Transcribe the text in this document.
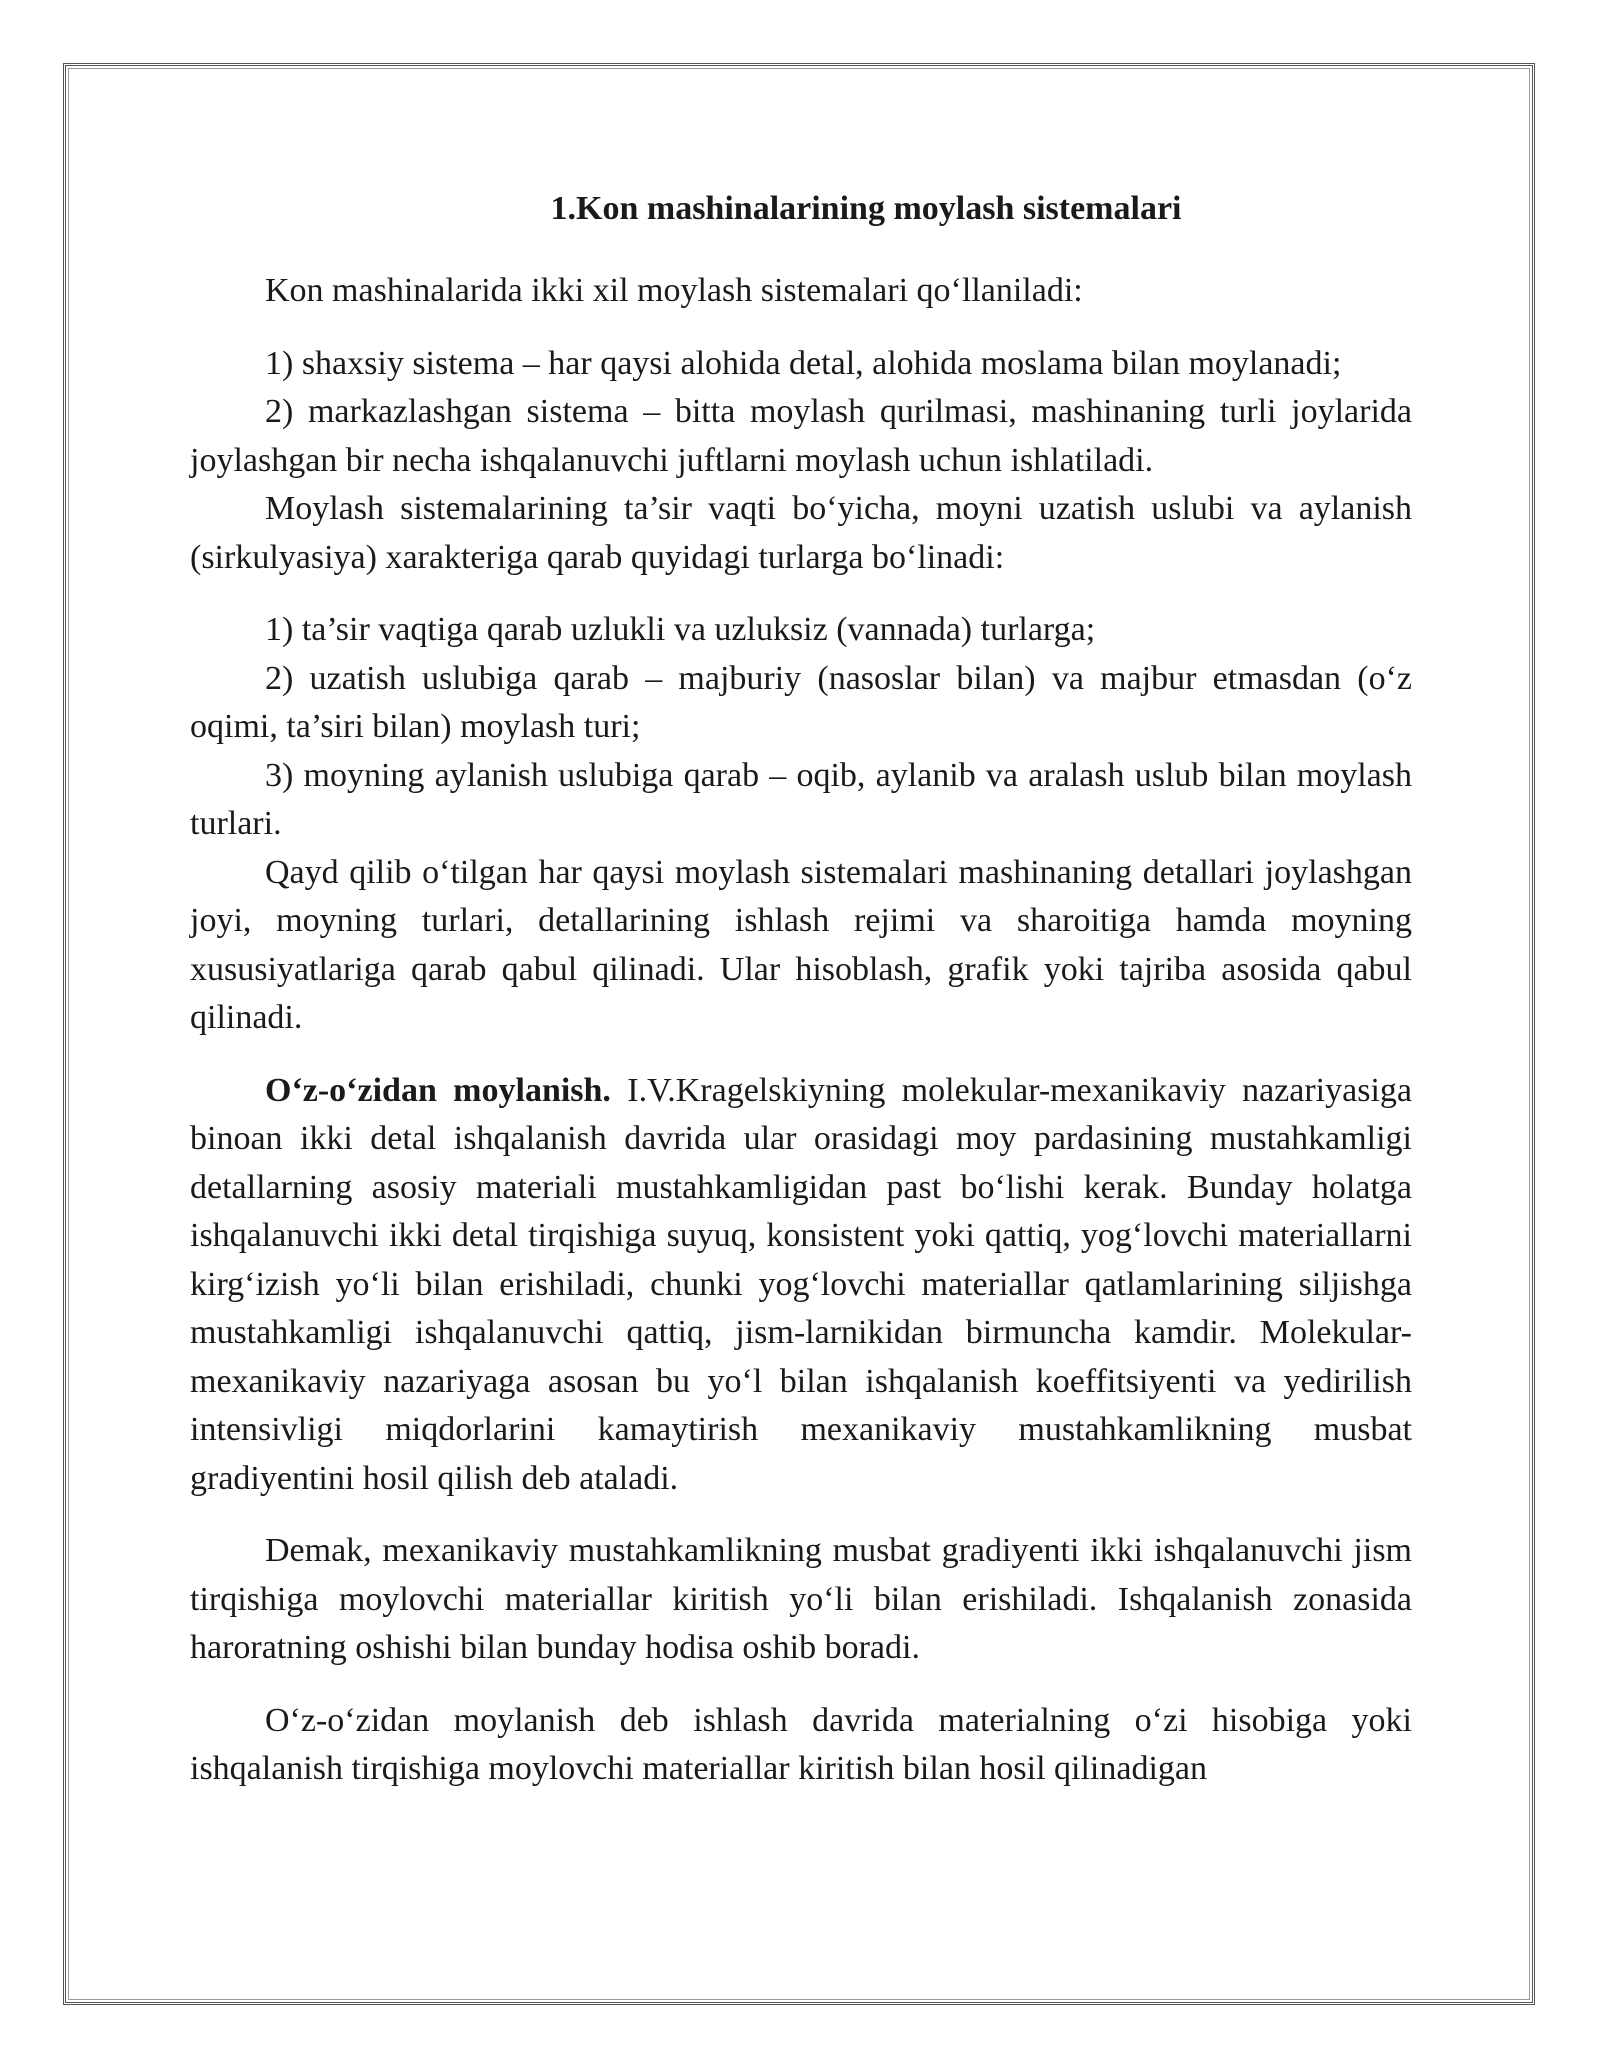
1.Kon mashinalarining moylash sistemalari

Kon mashinalarida ikki xil moylash sistemalari qo‘llaniladi:

1) shaxsiy sistema – har qaysi alohida detal, alohida moslama bilan moylanadi;

2) markazlashgan sistema – bitta moylash qurilmasi, mashinaning turli joylarida joylashgan bir necha ishqalanuvchi juftlarni moylash uchun ishlatiladi.

Moylash sistemalarining ta’sir vaqti bo‘yicha, moyni uzatish uslubi va aylanish (sirkulyasiya) xarakteriga qarab quyidagi turlarga bo‘linadi:

1) ta’sir vaqtiga qarab uzlukli va uzluksiz (vannada) turlarga;

2) uzatish uslubiga qarab – majburiy (nasoslar bilan) va majbur etmasdan (o‘z oqimi, ta’siri bilan) moylash turi;

3) moyning aylanish uslubiga qarab – oqib, aylanib va aralash uslub bilan moylash turlari.

Qayd qilib o‘tilgan har qaysi moylash sistemalari mashinaning detallari joylashgan joyi, moyning turlari, detallarining ishlash rejimi va sharoitiga hamda moyning xususiyatlariga qarab qabul qilinadi. Ular hisoblash, grafik yoki tajriba asosida qabul qilinadi.

O‘z-o‘zidan moylanish. I.V.Kragelskiyning molekular-mexanikaviy nazariyasiga binoan ikki detal ishqalanish davrida ular orasidagi moy pardasining mustahkamligi detallarning asosiy materiali mustahkamligidan past bo‘lishi kerak. Bunday holatga ishqalanuvchi ikki detal tirqishiga suyuq, konsistent yoki qattiq, yog‘lovchi materiallarni kirg‘izish yo‘li bilan erishiladi, chunki yog‘lovchi materiallar qatlamlarining siljishga mustahkamligi ishqalanuvchi qattiq, jism-larnikidan birmuncha kamdir. Molekular-mexanikaviy nazariyaga asosan bu yo‘l bilan ishqalanish koeffitsiyenti va yedirilish intensivligi miqdorlarini kamaytirish mexanikaviy mustahkamlikning musbat gradiyentini hosil qilish deb ataladi.

Demak, mexanikaviy mustahkamlikning musbat gradiyenti ikki ishqalanuvchi jism tirqishiga moylovchi materiallar kiritish yo‘li bilan erishiladi. Ishqalanish zonasida haroratning oshishi bilan bunday hodisa oshib boradi.

O‘z-o‘zidan moylanish deb ishlash davrida materialning o‘zi hisobiga yoki ishqalanish tirqishiga moylovchi materiallar kiritish bilan hosil qilinadigan
